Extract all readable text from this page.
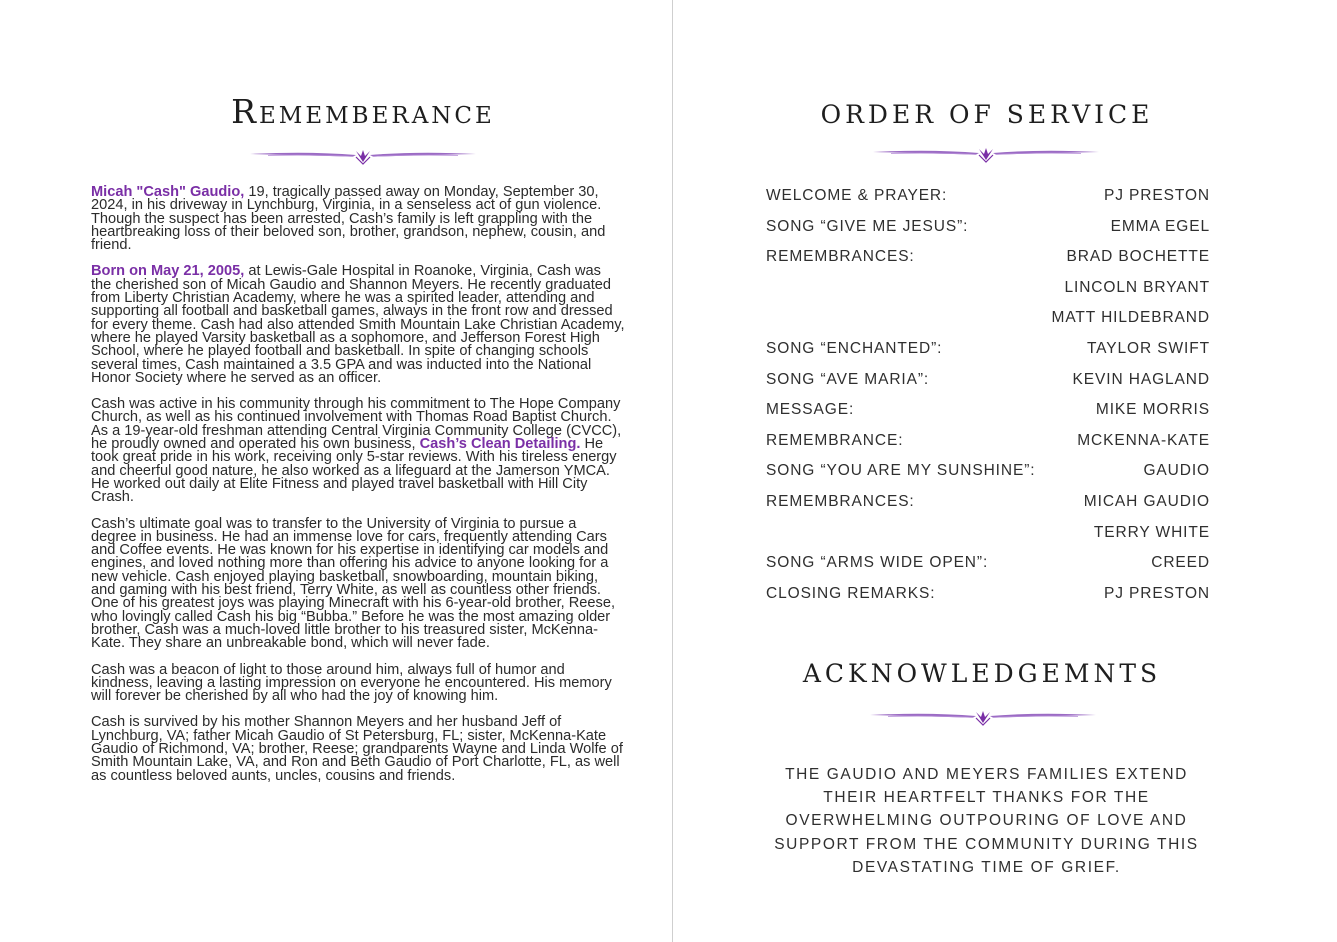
Rememberance

Micah "Cash" Gaudio, 19, tragically passed away on Monday, September 30, 2024, in his driveway in Lynchburg, Virginia, in a senseless act of gun violence. Though the suspect has been arrested, Cash’s family is left grappling with the heartbreaking loss of their beloved son, brother, grandson, nephew, cousin, and friend.

Born on May 21, 2005, at Lewis-Gale Hospital in Roanoke, Virginia, Cash was the cherished son of Micah Gaudio and Shannon Meyers. He recently graduated from Liberty Christian Academy, where he was a spirited leader, attending and supporting all football and basketball games, always in the front row and dressed for every theme. Cash had also attended Smith Mountain Lake Christian Academy, where he played Varsity basketball as a sophomore, and Jefferson Forest High School, where he played football and basketball. In spite of changing schools several times, Cash maintained a 3.5 GPA and was inducted into the National Honor Society where he served as an officer.

Cash was active in his community through his commitment to The Hope Company Church, as well as his continued involvement with Thomas Road Baptist Church. As a 19-year-old freshman attending Central Virginia Community College (CVCC), he proudly owned and operated his own business, Cash’s Clean Detailing. He took great pride in his work, receiving only 5-star reviews. With his tireless energy and cheerful good nature, he also worked as a lifeguard at the Jamerson YMCA. He worked out daily at Elite Fitness and played travel basketball with Hill City Crash.

Cash’s ultimate goal was to transfer to the University of Virginia to pursue a degree in business. He had an immense love for cars, frequently attending Cars and Coffee events. He was known for his expertise in identifying car models and engines, and loved nothing more than offering his advice to anyone looking for a new vehicle. Cash enjoyed playing basketball, snowboarding, mountain biking, and gaming with his best friend, Terry White, as well as countless other friends. One of his greatest joys was playing Minecraft with his 6-year-old brother, Reese, who lovingly called Cash his big “Bubba.” Before he was the most amazing older brother, Cash was a much-loved little brother to his treasured sister, McKenna-Kate. They share an unbreakable bond, which will never fade.

Cash was a beacon of light to those around him, always full of humor and kindness, leaving a lasting impression on everyone he encountered. His memory will forever be cherished by all who had the joy of knowing him.

Cash is survived by his mother Shannon Meyers and her husband Jeff of Lynchburg, VA; father Micah Gaudio of St Petersburg, FL; sister, McKenna-Kate Gaudio of Richmond, VA; brother, Reese; grandparents Wayne and Linda Wolfe of Smith Mountain Lake, VA, and Ron and Beth Gaudio of Port Charlotte, FL, as well as countless beloved aunts, uncles, cousins and friends.

ORDER OF SERVICE
WELCOME & PRAYER:	PJ PRESTON
SONG “GIVE ME JESUS”:	EMMA EGEL
REMEMBRANCES:	BRAD BOCHETTE
LINCOLN BRYANT
MATT HILDEBRAND
SONG “ENCHANTED”:	TAYLOR SWIFT
SONG “AVE MARIA”:	KEVIN HAGLAND
MESSAGE:	MIKE MORRIS
REMEMBRANCE:	MCKENNA-KATE
SONG “YOU ARE MY SUNSHINE”:	GAUDIO
REMEMBRANCES:	MICAH GAUDIO
TERRY WHITE
SONG “ARMS WIDE OPEN”:	CREED
CLOSING REMARKS:	PJ PRESTON
ACKNOWLEDGEMNTS
THE GAUDIO AND MEYERS FAMILIES EXTEND THEIR HEARTFELT THANKS FOR THE OVERWHELMING OUTPOURING OF LOVE AND SUPPORT FROM THE COMMUNITY DURING THIS DEVASTATING TIME OF GRIEF.
